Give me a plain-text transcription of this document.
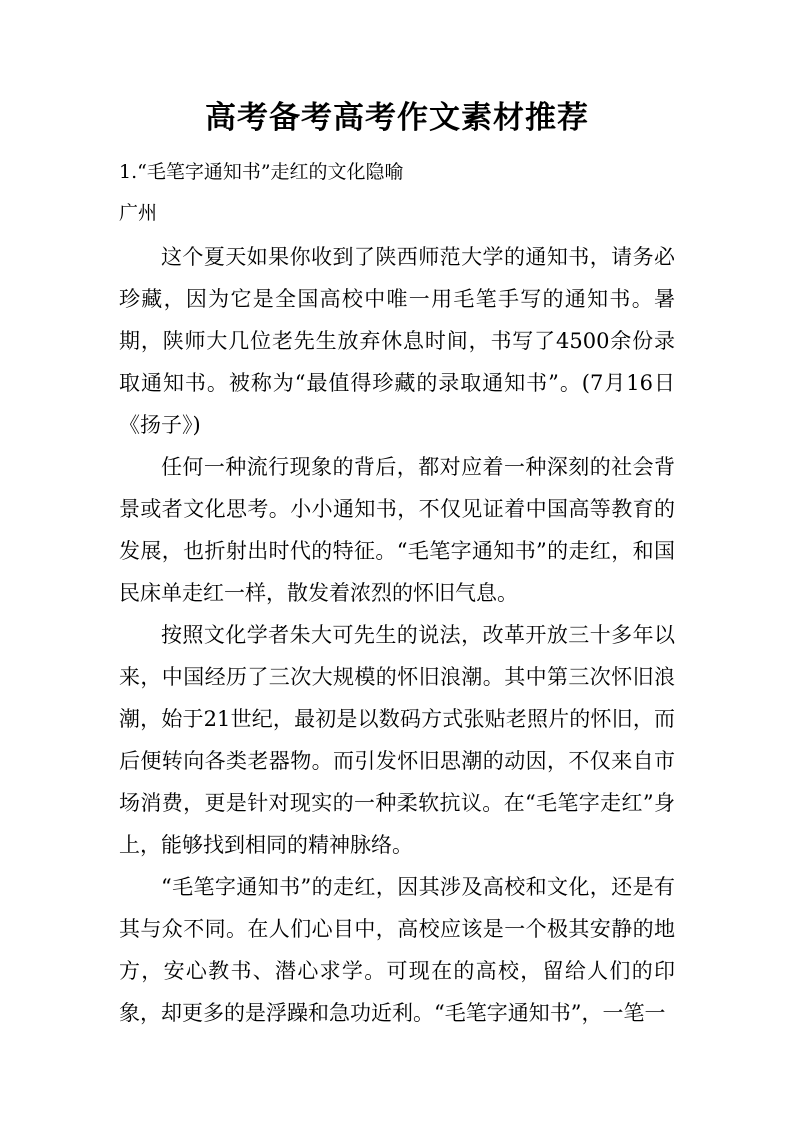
高考备考高考作文素材推荐

1.“毛笔字通知书”走红的文化隐喻

广州

这个夏天如果你收到了陕西师范大学的通知书，请务必珍藏，因为它是全国高校中唯一用毛笔手写的通知书。暑期，陕师大几位老先生放弃休息时间，书写了4500余份录取通知书。被称为“最值得珍藏的录取通知书”。(7月16日《扬子》)

任何一种流行现象的背后，都对应着一种深刻的社会背景或者文化思考。小小通知书，不仅见证着中国高等教育的发展，也折射出时代的特征。“毛笔字通知书”的走红，和国民床单走红一样，散发着浓烈的怀旧气息。

按照文化学者朱大可先生的说法，改革开放三十多年以来，中国经历了三次大规模的怀旧浪潮。其中第三次怀旧浪潮，始于21世纪，最初是以数码方式张贴老照片的怀旧，而后便转向各类老器物。而引发怀旧思潮的动因，不仅来自市场消费，更是针对现实的一种柔软抗议。在“毛笔字走红”身上，能够找到相同的精神脉络。

“毛笔字通知书”的走红，因其涉及高校和文化，还是有其与众不同。在人们心目中，高校应该是一个极其安静的地方，安心教书、潜心求学。可现在的高校，留给人们的印象，却更多的是浮躁和急功近利。“毛笔字通知书”，一笔一
